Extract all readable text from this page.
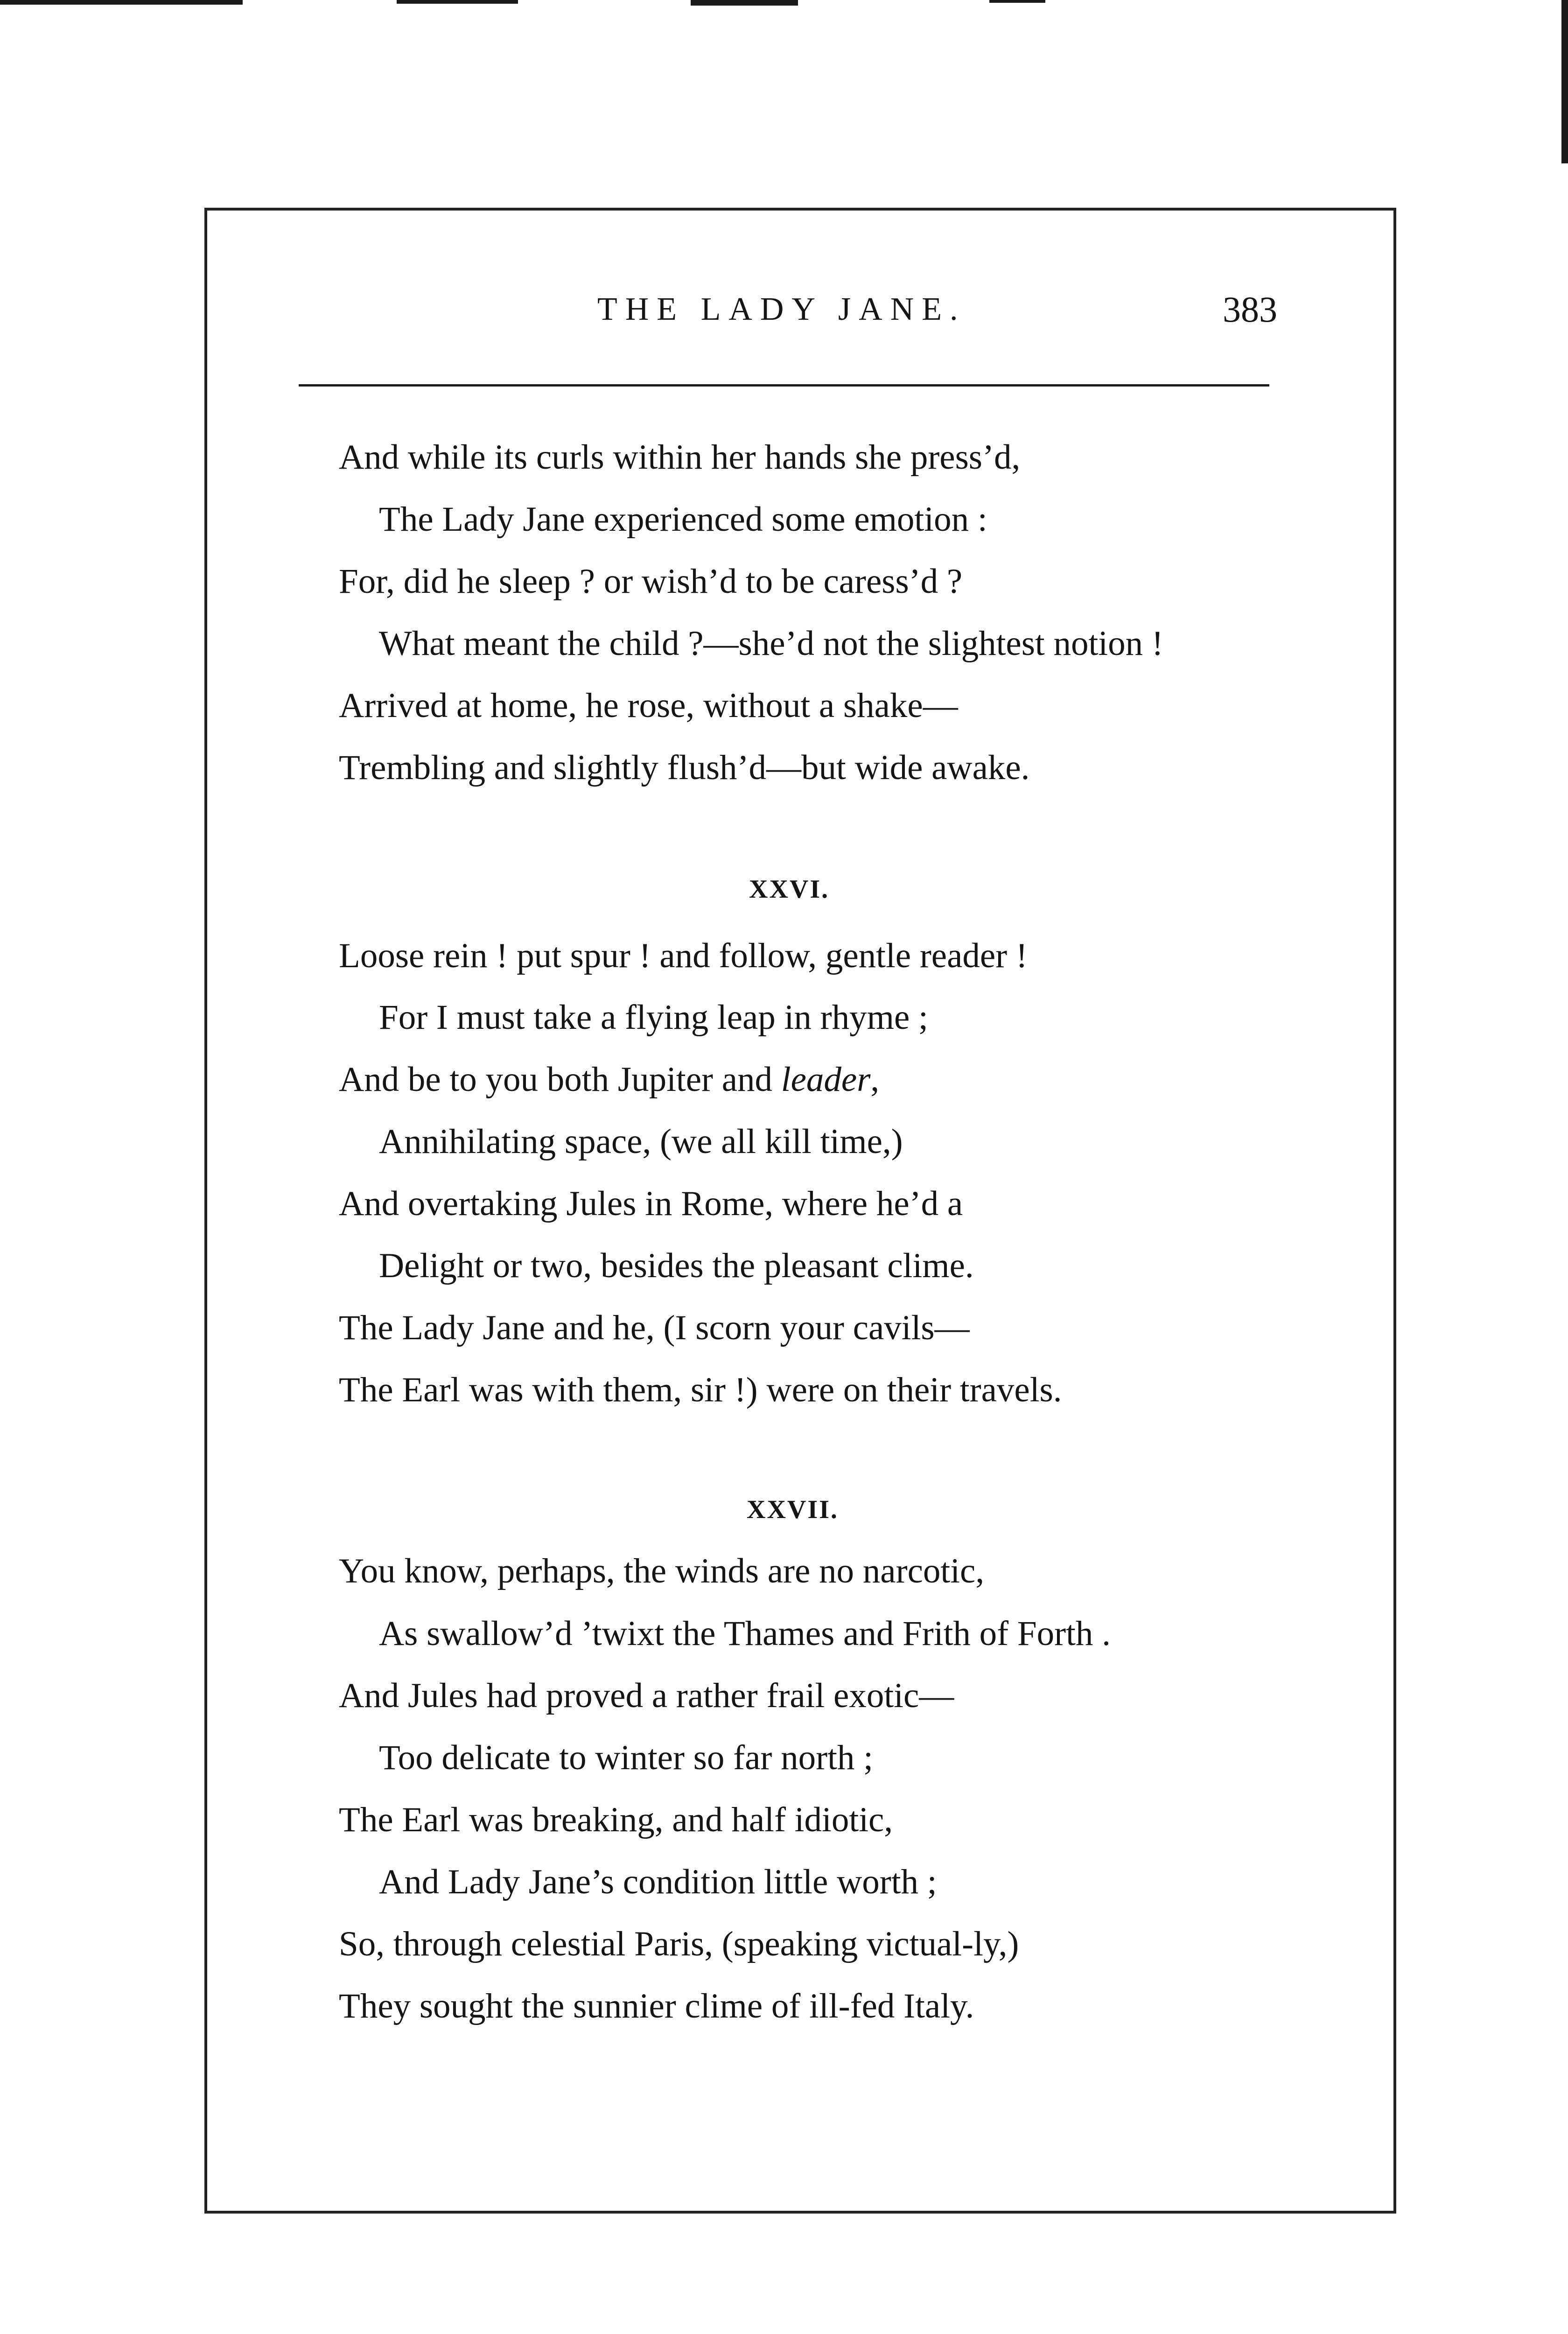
THE LADY JANE.	383
And while its curls within her hands she press’d,
The Lady Jane experienced some emotion :
For, did he sleep ? or wish’d to be caress’d ?
What meant the child ?—she’d not the slightest notion !
Arrived at home, he rose, without a shake—
Trembling and slightly flush’d—but wide awake.
XXVI.
Loose rein ! put spur ! and follow, gentle reader !
For I must take a flying leap in rhyme ;
And be to you both Jupiter and leader,
Annihilating space, (we all kill time,)
And overtaking Jules in Rome, where he’d a
Delight or two, besides the pleasant clime.
The Lady Jane and he, (I scorn your cavils—
The Earl was with them, sir !) were on their travels.
XXVII.
You know, perhaps, the winds are no narcotic,
As swallow’d ’twixt the Thames and Frith of Forth .
And Jules had proved a rather frail exotic—
Too delicate to winter so far north ;
The Earl was breaking, and half idiotic,
And Lady Jane’s condition little worth ;
So, through celestial Paris, (speaking victual-ly,)
They sought the sunnier clime of ill-fed Italy.
